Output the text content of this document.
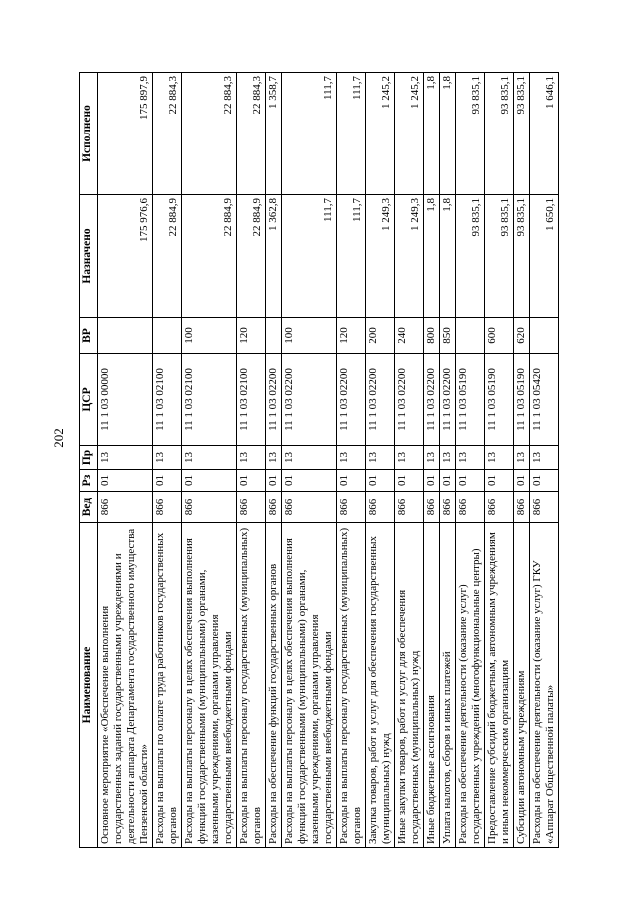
202
Наименование	Вед	Рз	Пр	ЦСР	ВР	Назначено	Исполнено
Основное мероприятие «Обеспечение выполнения государственных заданий государственными учреждениями и деятельности аппарата Департамента государственного имущества Пензенской области»	866	01	13	11 1 03 00000		175 976,6	175 897,9
Расходы на выплаты по оплате труда работников государственных органов	866	01	13	11 1 03 02100		22 884,9	22 884,3
Расходы на выплаты персоналу в целях обеспечения выполнения функций государственными (муниципальными) органами, казенными учреждениями, органами управления государственными внебюджетными фондами	866	01	13	11 1 03 02100	100	22 884,9	22 884,3
Расходы на выплаты персоналу государственных (муниципальных) органов	866	01	13	11 1 03 02100	120	22 884,9	22 884,3
Расходы на обеспечение функций государственных органов	866	01	13	11 1 03 02200		1 362,8	1 358,7
Расходы на выплаты персоналу в целях обеспечения выполнения функций государственными (муниципальными) органами, казенными учреждениями, органами управления государственными внебюджетными фондами	866	01	13	11 1 03 02200	100	111,7	111,7
Расходы на выплаты персоналу государственных (муниципальных) органов	866	01	13	11 1 03 02200	120	111,7	111,7
Закупка товаров, работ и услуг для обеспечения государственных (муниципальных) нужд	866	01	13	11 1 03 02200	200	1 249,3	1 245,2
Иные закупки товаров, работ и услуг для обеспечения государственных (муниципальных) нужд	866	01	13	11 1 03 02200	240	1 249,3	1 245,2
Иные бюджетные ассигнования	866	01	13	11 1 03 02200	800	1,8	1,8
Уплата налогов, сборов и иных платежей	866	01	13	11 1 03 02200	850	1,8	1,8
Расходы на обеспечение деятельности (оказание услуг) государственных учреждений (многофункциональные центры)	866	01	13	11 1 03 05190		93 835,1	93 835,1
Предоставление субсидий бюджетным, автономным учреждениям и иным некоммерческим организациям	866	01	13	11 1 03 05190	600	93 835,1	93 835,1
Субсидии автономным учреждениям	866	01	13	11 1 03 05190	620	93 835,1	93 835,1
Расходы на обеспечение деятельности (оказание услуг) ГКУ «Аппарат Общественной палаты»	866	01	13	11 1 03 05420		1 650,1	1 646,1
